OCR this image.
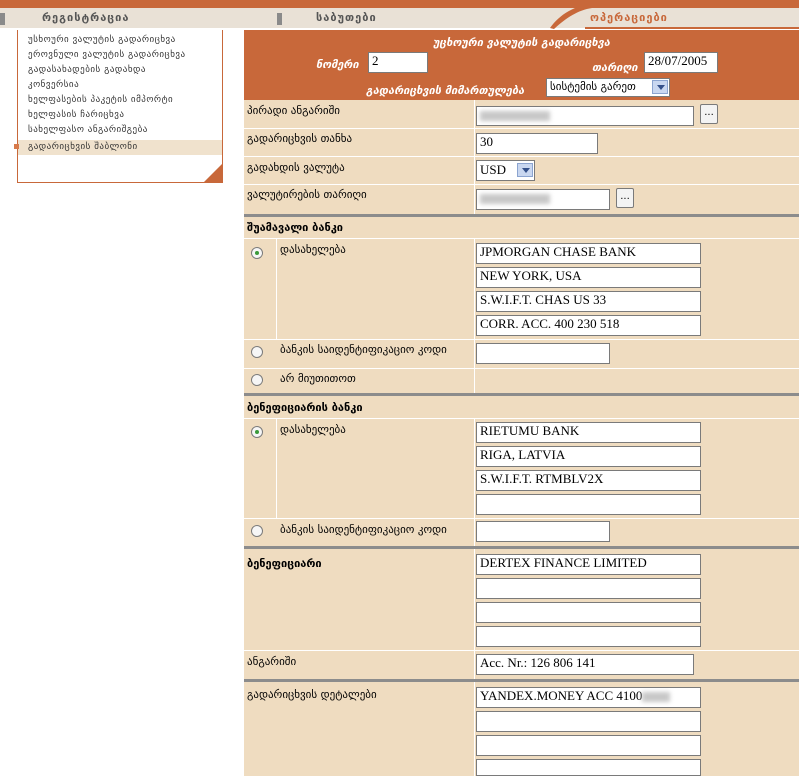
რეგისტრაცია	საბუთები	ოპერაციები
უსხოური ვალუტის გადარიცხვა
ეროვნული ვალუტის გადარიცხვა
გადასახადების გადახდა
კონვერსია
ხელფასების პაკეტის იმპორტი
ხელფასის ჩარიცხვა
სახელფასო ანგარიშგება
გადარიცხვის შაბლონი
უცხოური ვალუტის გადარიცხვა
ნომერი	2	თარიღი 28/07/2005
გადარიცხვის მიმართულება	სისტემის გარეთ
პირადი ანგარიში	...
გადარიცხვის თანხა	30
გადახდის ვალუტა	USD
ვალუტირების თარიღი	...
შუამავალი ბანკი
დასახელება	JPMORGAN CHASE BANK
NEW YORK, USA
S.W.I.F.T. CHAS US 33
CORR. ACC. 400 230 518
ბანკის საიდენტიფიკაციო კოდი
არ მიუთითოთ
ბენეფიციარის ბანკი
დასახელება	RIETUMU BANK
RIGA, LATVIA
S.W.I.F.T. RTMBLV2X
ბანკის საიდენტიფიკაციო კოდი
ბენეფიციარი	DERTEX FINANCE LIMITED
ანგარიში	Acc. Nr.: 126 806 141
გადარიცხვის დეტალები	YANDEX.MONEY ACC 4100
